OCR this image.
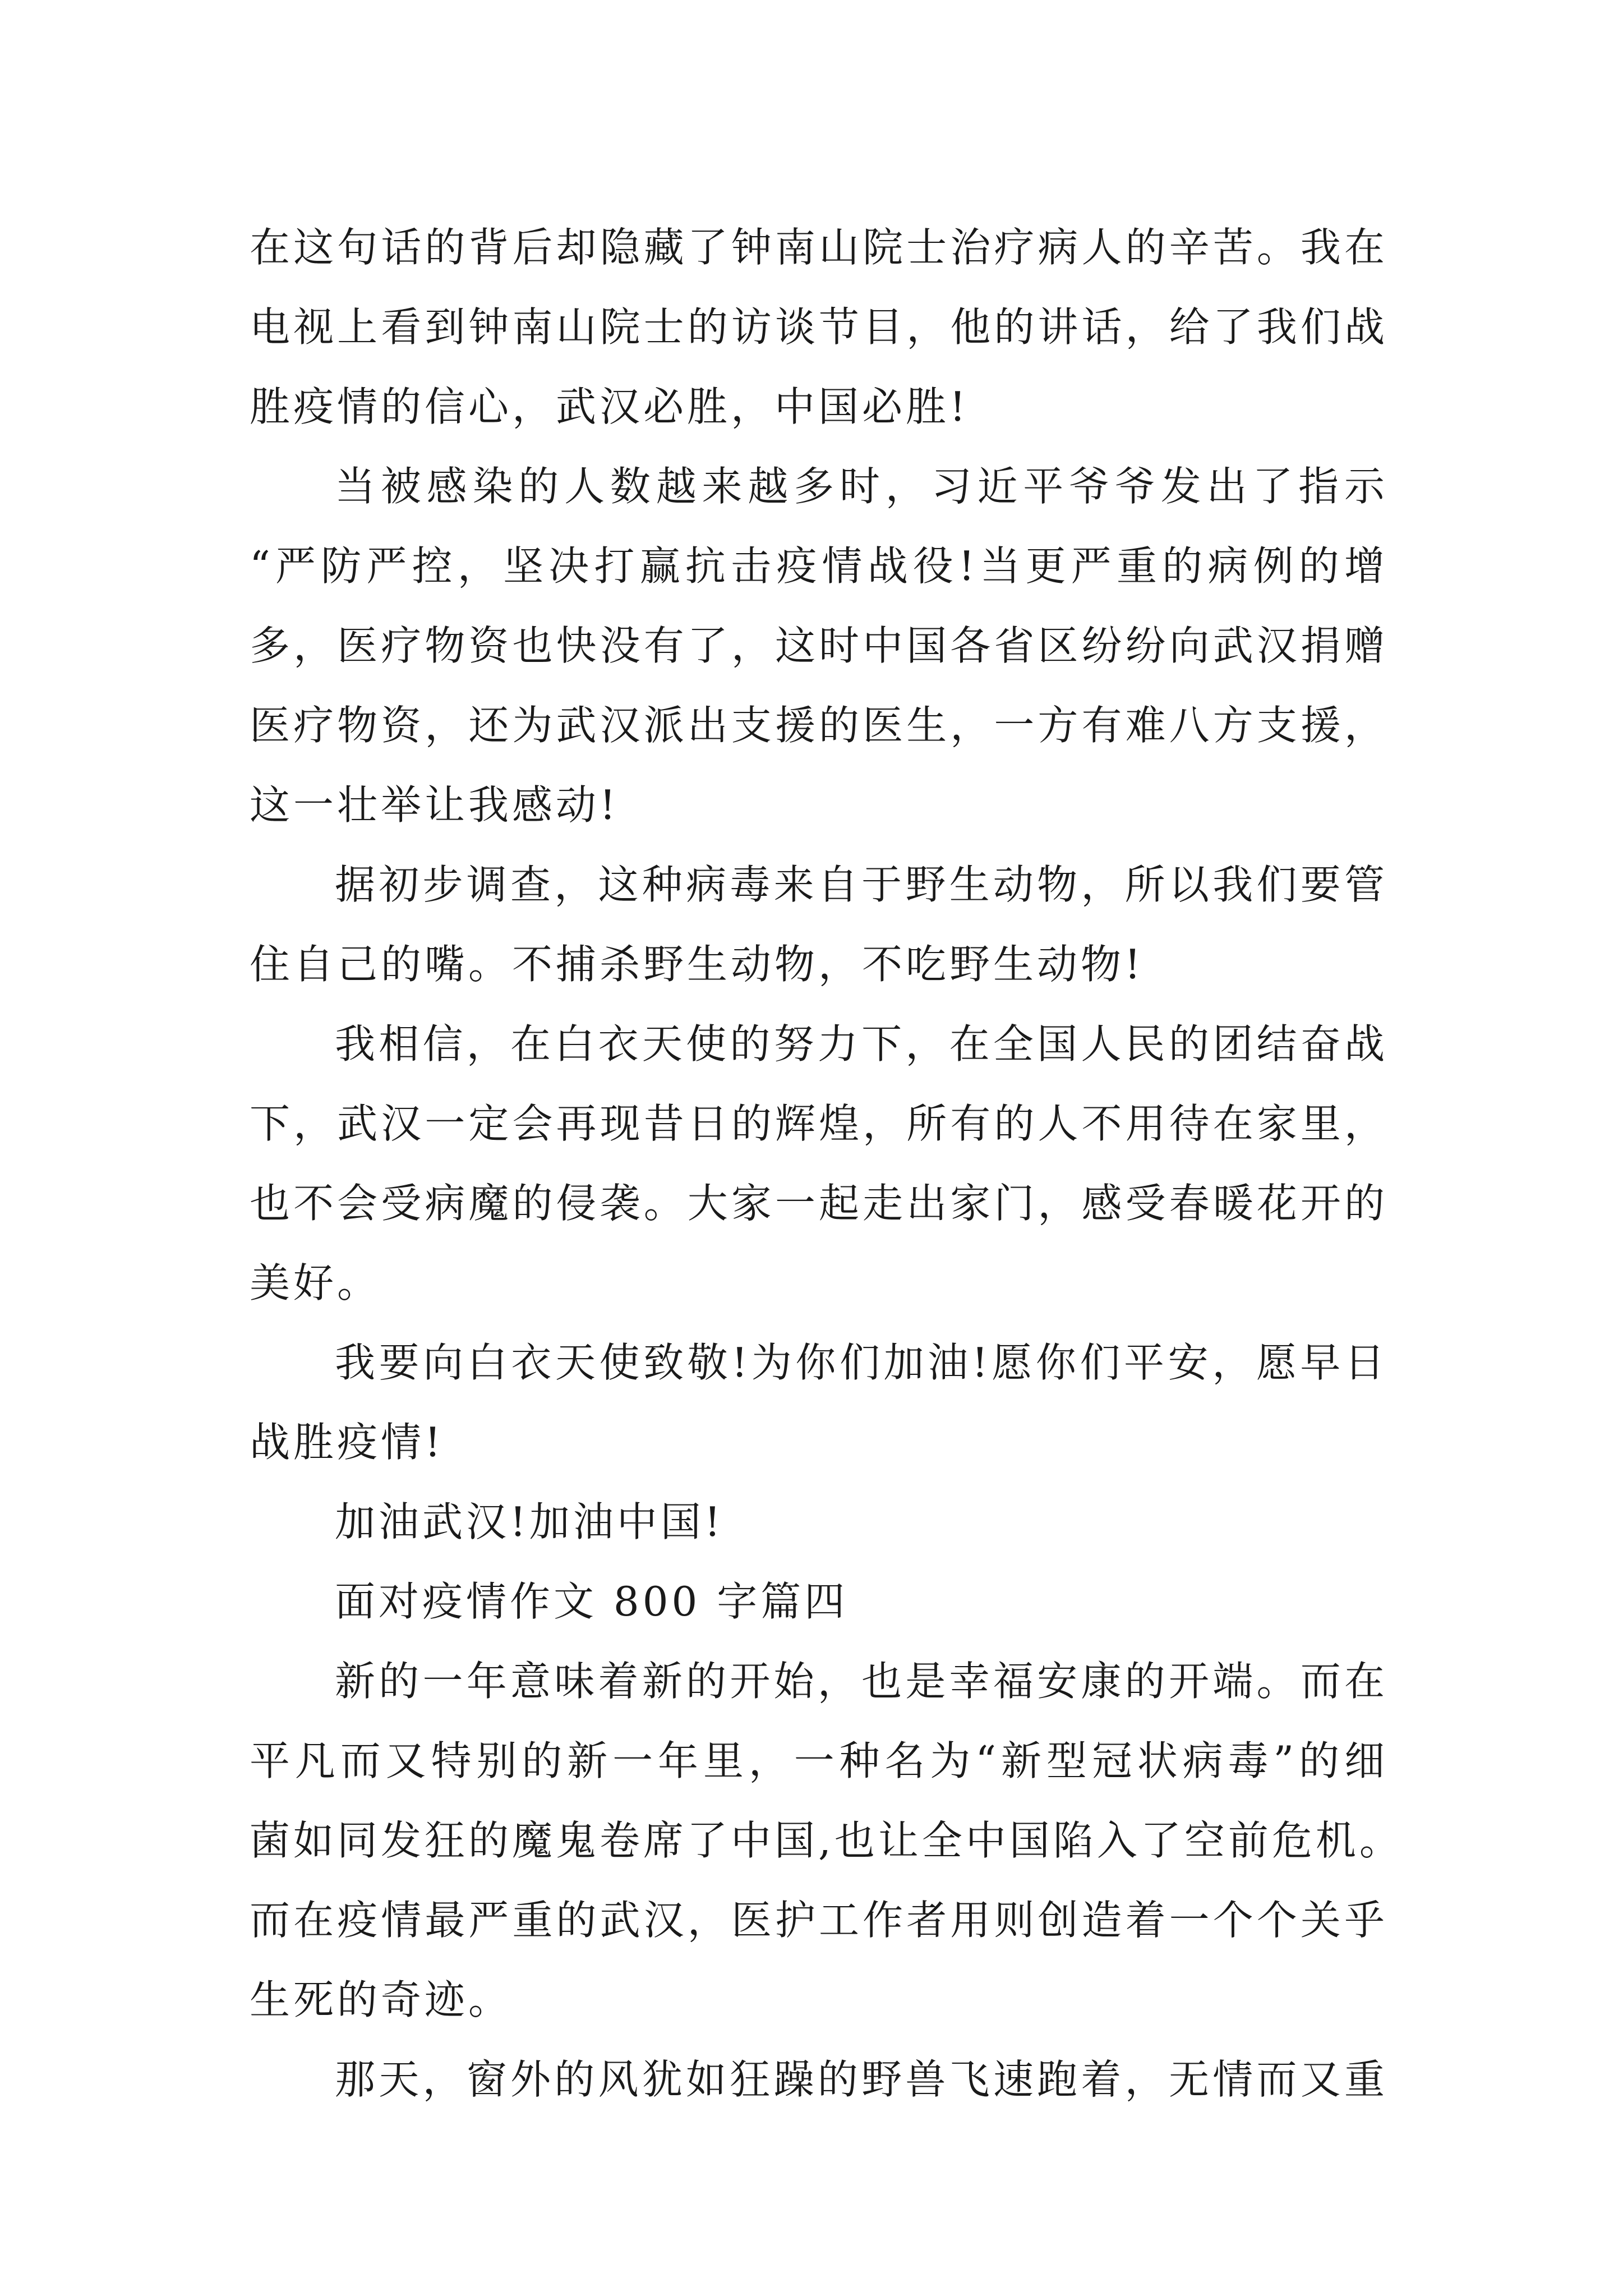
在这句话的背后却隐藏了钟南山院士治疗病人的辛苦。我在
电视上看到钟南山院士的访谈节目，他的讲话，给了我们战
胜疫情的信心，武汉必胜，中国必胜!
当被感染的人数越来越多时，习近平爷爷发出了指示
“严防严控，坚决打赢抗击疫情战役!当更严重的病例的增
多，医疗物资也快没有了，这时中国各省区纷纷向武汉捐赠
医疗物资，还为武汉派出支援的医生，一方有难八方支援，
这一壮举让我感动!
据初步调查，这种病毒来自于野生动物，所以我们要管
住自己的嘴。不捕杀野生动物，不吃野生动物!
我相信，在白衣天使的努力下，在全国人民的团结奋战
下，武汉一定会再现昔日的辉煌，所有的人不用待在家里，
也不会受病魔的侵袭。大家一起走出家门，感受春暖花开的
美好。
我要向白衣天使致敬!为你们加油!愿你们平安，愿早日
战胜疫情!
加油武汉!加油中国!
面对疫情作文 800 字篇四
新的一年意味着新的开始，也是幸福安康的开端。而在
平凡而又特别的新一年里，一种名为“新型冠状病毒”的细
菌如同发狂的魔鬼卷席了中国,也让全中国陷入了空前危机。
而在疫情最严重的武汉，医护工作者用则创造着一个个关乎
生死的奇迹。
那天，窗外的风犹如狂躁的野兽飞速跑着，无情而又重
